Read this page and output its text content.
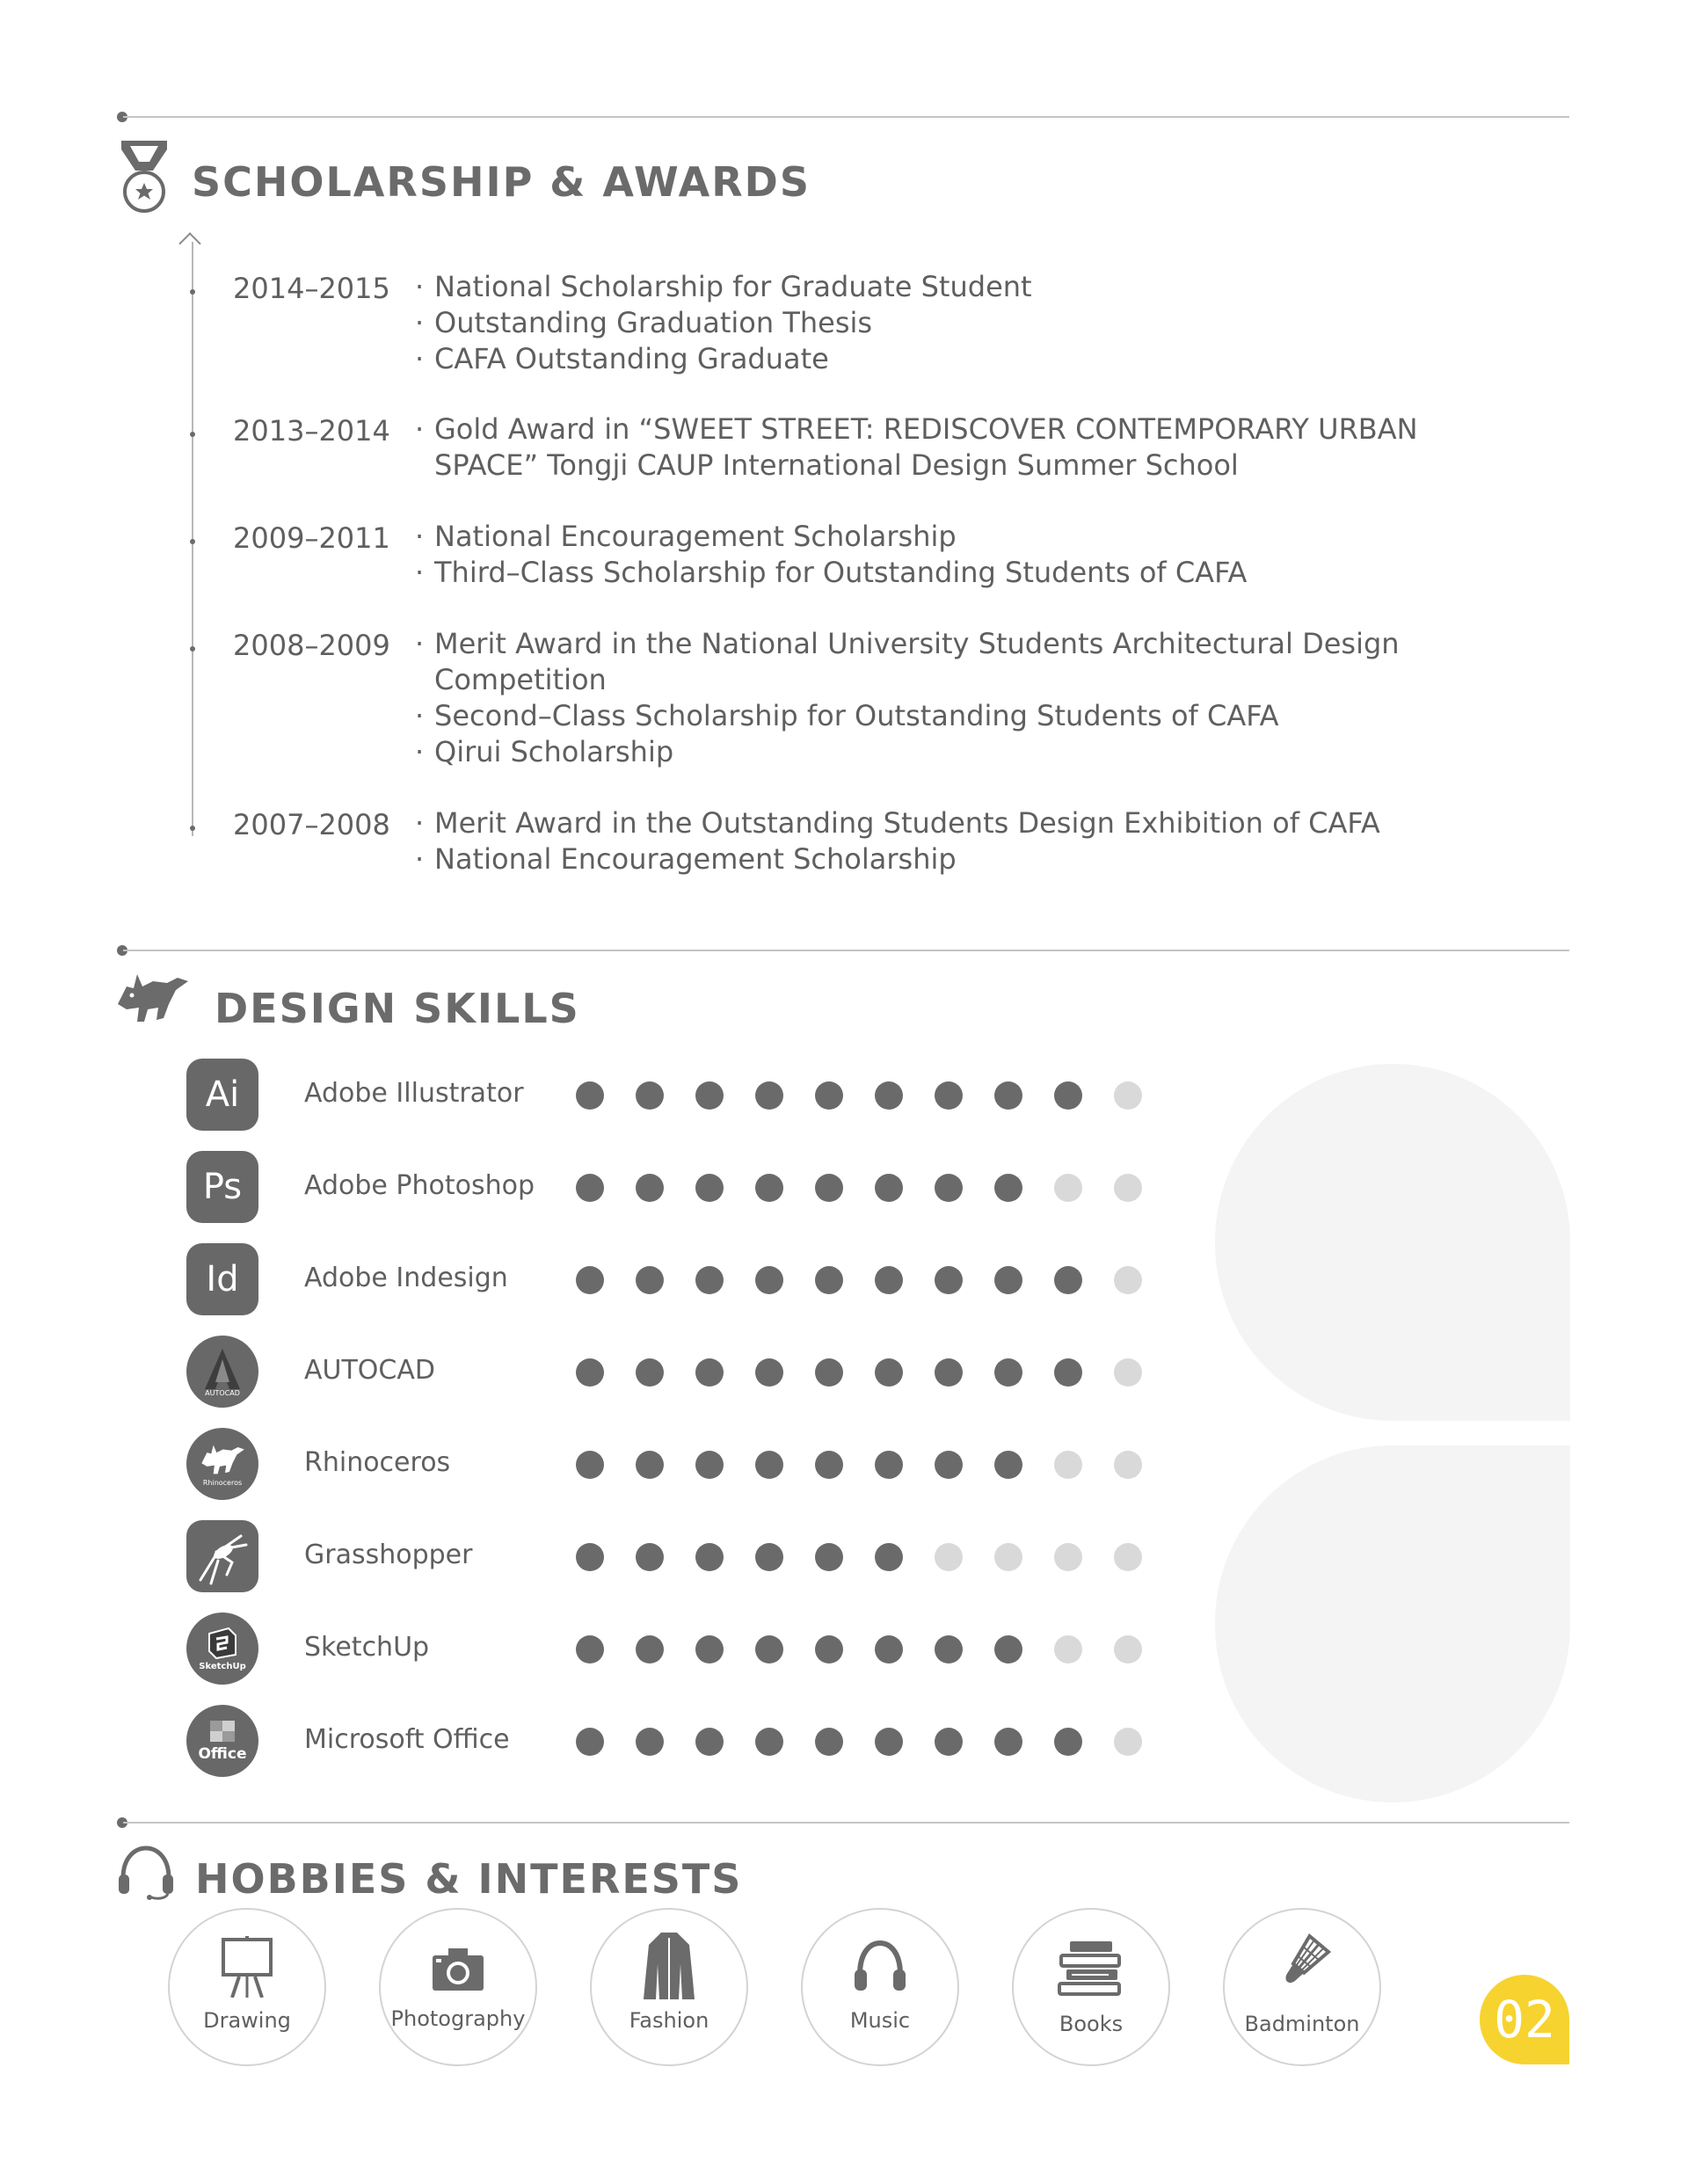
SCHOLARSHIP & AWARDS
2014–2015	· National Scholarship for Graduate Student
· Outstanding Graduation Thesis
· CAFA Outstanding Graduate
2013–2014	· Gold Award in “SWEET STREET: REDISCOVER CONTEMPORARY URBAN SPACE” Tongji CAUP International Design Summer School
2009–2011	· National Encouragement Scholarship
· Third–Class Scholarship for Outstanding Students of CAFA
2008–2009	· Merit Award in the National University Students Architectural Design Competition
· Second–Class Scholarship for Outstanding Students of CAFA
· Qirui Scholarship
2007–2008	· Merit Award in the Outstanding Students Design Exhibition of CAFA
· National Encouragement Scholarship
DESIGN SKILLS
Ai Adobe Illustrator
Ps Adobe Photoshop
Id Adobe Indesign
AUTOCAD
AUTOCAD
Rhinoceros
Rhinoceros
Grasshopper
SketchUp
SketchUp
Office Microsoft Office
HOBBIES & INTERESTS
Drawing	Photography	Fashion	Music	Books	Badminton	02
